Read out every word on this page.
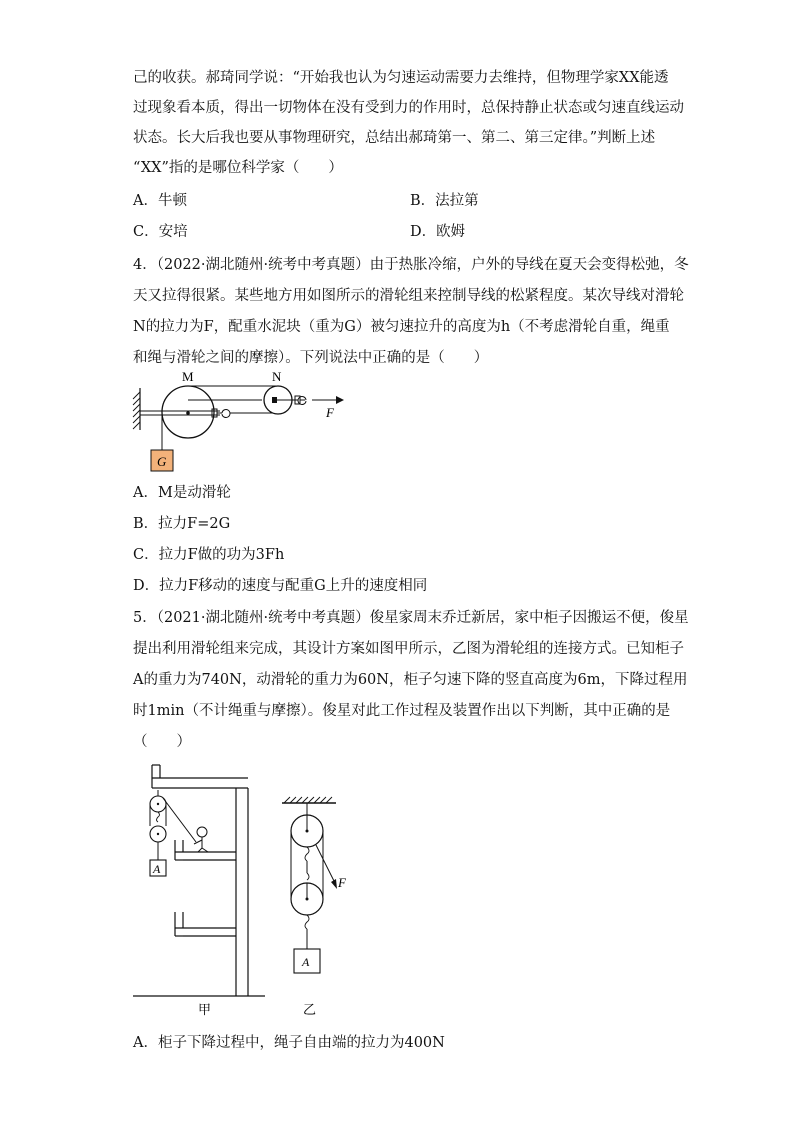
己的收获。郝琦同学说：“开始我也认为匀速运动需要力去维持，但物理学家XX能透
过现象看本质，得出一切物体在没有受到力的作用时，总保持静止状态或匀速直线运动
状态。长大后我也要从事物理研究，总结出郝琦第一、第二、第三定律。”判断上述
“XX”指的是哪位科学家（　　）
A．牛顿	B．法拉第
C．安培	D．欧姆
4．（2022·湖北随州·统考中考真题）由于热胀冷缩，户外的导线在夏天会变得松弛，冬
天又拉得很紧。某些地方用如图所示的滑轮组来控制导线的松紧程度。某次导线对滑轮
N的拉力为F，配重水泥块（重为G）被匀速拉升的高度为h（不考虑滑轮自重，绳重
和绳与滑轮之间的摩擦）。下列说法中正确的是（　　）
F
M	N
G
A．M是动滑轮
B．拉力F=2G
C．拉力F做的功为3Fh
D．拉力F移动的速度与配重G上升的速度相同
5．（2021·湖北随州·统考中考真题）俊星家周末乔迁新居，家中柜子因搬运不便，俊星
提出利用滑轮组来完成，其设计方案如图甲所示，乙图为滑轮组的连接方式。已知柜子
A的重力为740N，动滑轮的重力为60N，柜子匀速下降的竖直高度为6m，下降过程用
时1min（不计绳重与摩擦）。俊星对此工作过程及装置作出以下判断，其中正确的是
（　　）
A
甲
F
A
乙
A．柜子下降过程中，绳子自由端的拉力为400N
